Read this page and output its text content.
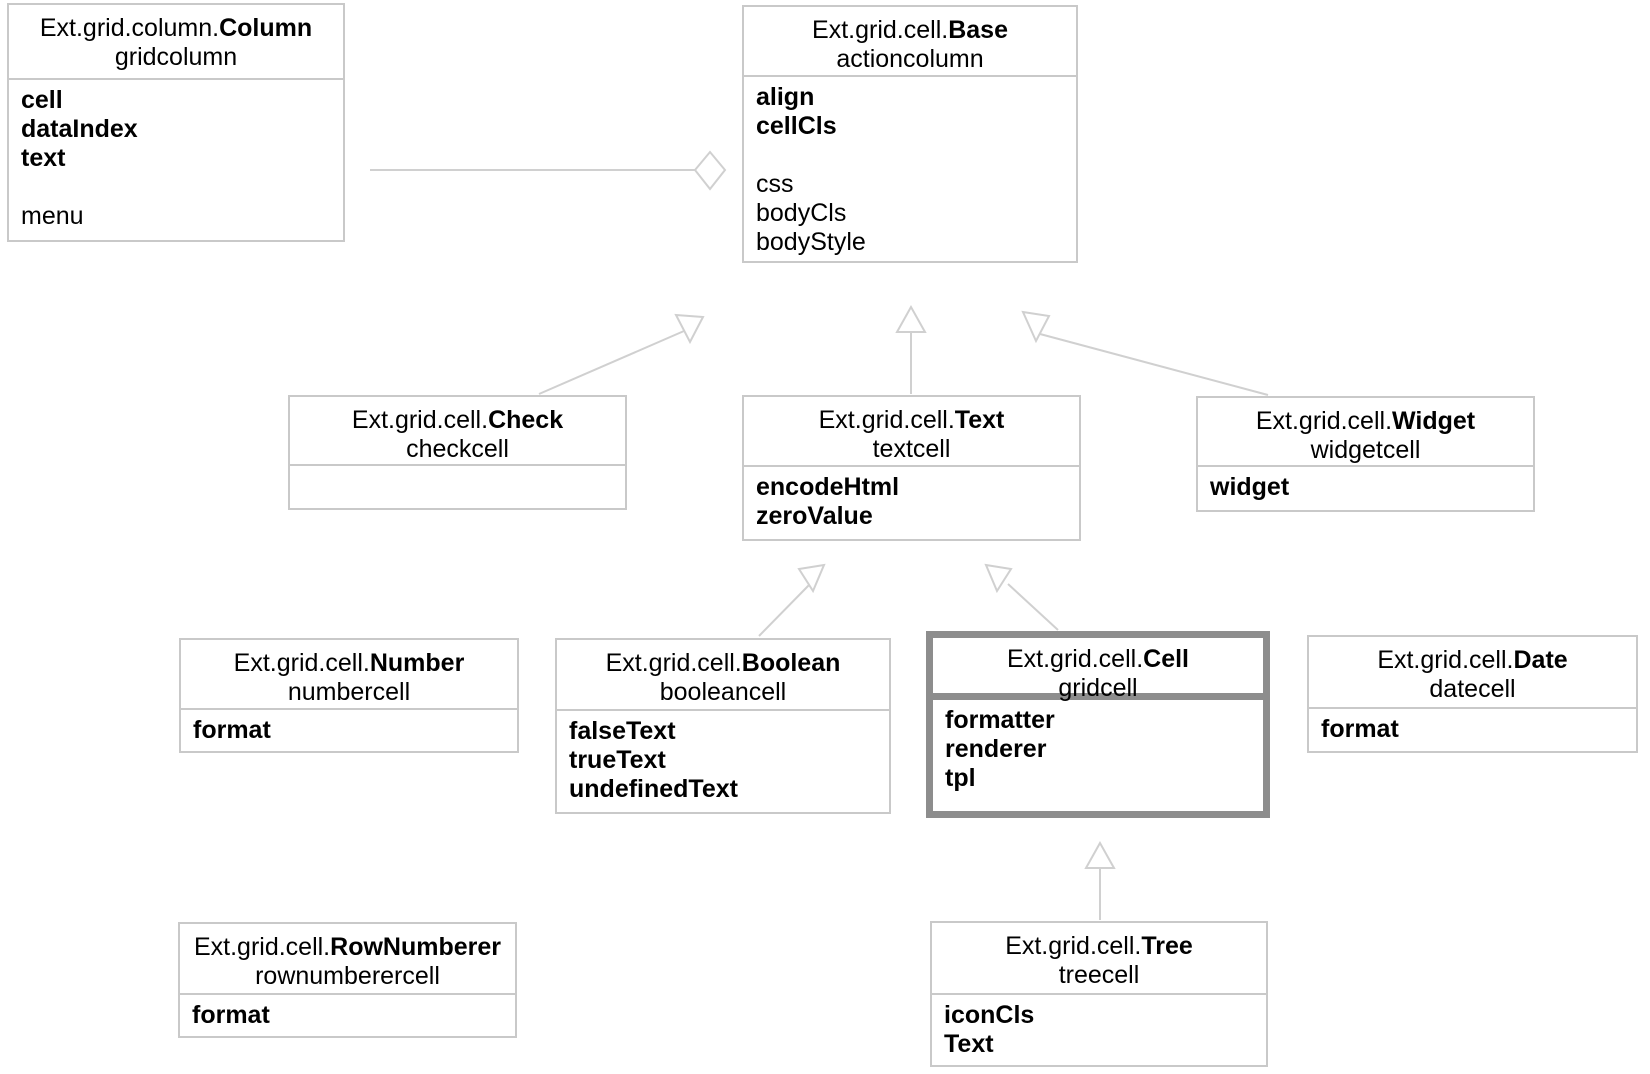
Ext.grid.column.Column
gridcolumn
cell
dataIndex
text
menu
Ext.grid.cell.Base
actioncolumn
align
cellCls
css
bodyCls
bodyStyle
Ext.grid.cell.Check
checkcell
Ext.grid.cell.Text
textcell
encodeHtml
zeroValue
Ext.grid.cell.Widget
widgetcell
widget
Ext.grid.cell.Number
numbercell
format
Ext.grid.cell.Boolean
booleancell
falseText
trueText
undefinedText
Ext.grid.cell.Cell
gridcell
formatter
renderer
tpl
Ext.grid.cell.Date
datecell
format
Ext.grid.cell.RowNumberer
rownumberercell
format
Ext.grid.cell.Tree
treecell
iconCls
Text
